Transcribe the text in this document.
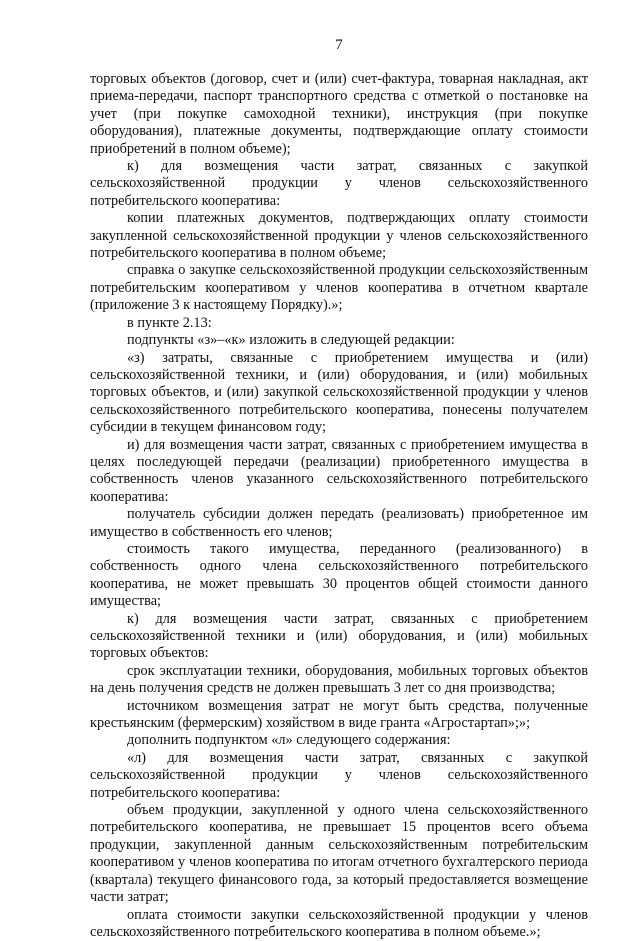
7

торговых объектов (договор, счет и (или) счет-фактура, товарная накладная, акт приема-передачи, паспорт транспортного средства с отметкой о постановке на учет (при покупке самоходной техники), инструкция (при покупке оборудования), платежные документы, подтверждающие оплату стоимости приобретений в полном объеме);

к) для возмещения части затрат, связанных с закупкой сельскохозяйственной продукции у членов сельскохозяйственного потребительского кооператива:

копии платежных документов, подтверждающих оплату стоимости закупленной сельскохозяйственной продукции у членов сельскохозяйственного потребительского кооператива в полном объеме;

справка о закупке сельскохозяйственной продукции сельскохозяйственным потребительским кооперативом у членов кооператива в отчетном квартале (приложение 3 к настоящему Порядку).»;

в пункте 2.13:

подпункты «з»–«к» изложить в следующей редакции:

«з) затраты, связанные с приобретением имущества и (или) сельскохозяйственной техники, и (или) оборудования, и (или) мобильных торговых объектов, и (или) закупкой сельскохозяйственной продукции у членов сельскохозяйственного потребительского кооператива, понесены получателем субсидии в текущем финансовом году;

и) для возмещения части затрат, связанных с приобретением имущества в целях последующей передачи (реализации) приобретенного имущества в собственность членов указанного сельскохозяйственного потребительского кооператива:

получатель субсидии должен передать (реализовать) приобретенное им имущество в собственность его членов;

стоимость такого имущества, переданного (реализованного) в собственность одного члена сельскохозяйственного потребительского кооператива, не может превышать 30 процентов общей стоимости данного имущества;

к) для возмещения части затрат, связанных с приобретением сельскохозяйственной техники и (или) оборудования, и (или) мобильных торговых объектов:

срок эксплуатации техники, оборудования, мобильных торговых объектов на день получения средств не должен превышать 3 лет со дня производства;

источником возмещения затрат не могут быть средства, полученные крестьянским (фермерским) хозяйством в виде гранта «Агростартап»;»;

дополнить подпунктом «л» следующего содержания:

«л) для возмещения части затрат, связанных с закупкой сельскохозяйственной продукции у членов сельскохозяйственного потребительского кооператива:

объем продукции, закупленной у одного члена сельскохозяйственного потребительского кооператива, не превышает 15 процентов всего объема продукции, закупленной данным сельскохозяйственным потребительским кооперативом у членов кооператива по итогам отчетного бухгалтерского периода (квартала) текущего финансового года, за который предоставляется возмещение части затрат;

оплата стоимости закупки сельскохозяйственной продукции у членов сельскохозяйственного потребительского кооператива в полном объеме.»;
